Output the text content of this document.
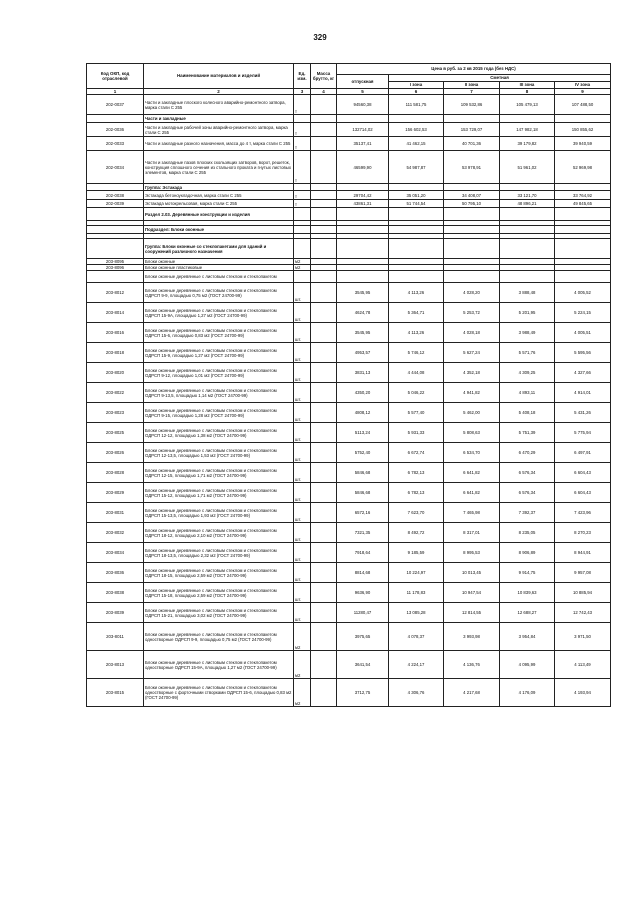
329
Код ОКП, код отраслевой	Наименование материалов и изделий	Ед. изм.	Масса брутто, кг	Цена в руб. за 2 кв 2015 года (без НДС)				
				отпускная	Сметная			
					I зона	II зона	III зона	IV зона
1	2	3	4	5	6	7	8	9
202-0037	Части и закладные плоского колесного аварийно-ремонтного затвора, марка стали С 255	т		94560,38	111 581,75	109 532,86	105 479,13	107 488,50
	Части и закладные							
202-0036	Части и закладные рабочей зоны аварийно-ремонтного затвора, марка стали С 255	т		132714,02	156 602,53	153 729,07	147 982,18	150 855,62
202-0033	Части и закладные разного назначения, масса до 4 т, марка стали С 255	т		35137,41	41 462,15	40 701,36	39 179,82	39 940,59
202-0034	Части и закладные пазов плоских скользящих затворов, ворот, решеток, конструкция сплошного сечения из стального проката и гнутых листовых элементов, марка стали С 255	т		46599,90	54 987,87	53 978,91	51 961,02	52 969,98
	Группа: Эстакада							
202-0038	Эстакада бетоноукладочная, марка стали С 255	т		29704,42	35 051,20	34 408,07	33 121,70	33 764,92
202-0039	Эстакада мотокрельсовая, марка стали С 255	т		43861,31	51 744,54	50 795,10	48 896,21	49 845,65
	Раздел 2.03. Деревянные конструкции и изделия							

	Подраздел: Блоки оконные							

	Группа: Блоки оконные со стеклопакетами для зданий и сооружений различного назначения							
203-8095	Блоки оконные	м2						
203-8096	Блоки оконные пластиковые	м2						
	Блоки оконные деревянные с листовым стеклом и стеклопакетом							
203-8012	Блоки оконные деревянные с листовым стеклом и стеклопакетом ОДРСП 9-9, площадью 0,75 м2 (ГОСТ 24700-99)	шт.		3545,95	4 113,26	4 028,20	3 888,48	4 005,52
203-8014	Блоки оконные деревянные с листовым стеклом и стеклопакетом ОДРСП 15-9А, площадью 1,27 м2 (ГОСТ 24700-99)	шт.		4624,78	5 364,71	5 253,72	5 201,95	5 224,15
203-8016	Блоки оконные деревянные с листовым стеклом и стеклопакетом ОДРСП 15-6, площадью 0,83 м2 (ГОСТ 24700-99)	шт.		3545,95	4 113,26	4 028,18	3 988,49	4 005,51
203-8018	Блоки оконные деревянные с листовым стеклом и стеклопакетом ОДРСП 15-9, площадью 1,27 м2 (ГОСТ 24700-99)	шт.		4953,57	5 746,12	5 627,24	5 571,76	5 595,56
203-8020	Блоки оконные деревянные с листовым стеклом и стеклопакетом ОДРСП 9-12, площадью 1,01 м2 (ГОСТ 24700-99)	шт.		3831,13	4 444,08	4 352,18	4 309,25	4 327,66
203-8022	Блоки оконные деревянные с листовым стеклом и стеклопакетом ОДРСП 9-13,5, площадью 1,14 м2 (ГОСТ 24700-99)	шт.		4350,20	5 046,22	4 941,82	4 893,11	4 914,01
203-8023	Блоки оконные деревянные с листовым стеклом и стеклопакетом ОДРСП 9-15, площадью 1,28 м2 (ГОСТ 24700-99)	шт.		4808,12	5 577,40	5 462,00	5 408,18	5 431,26
203-8025	Блоки оконные деревянные с листовым стеклом и стеклопакетом ОДРСП 12-12, площадью 1,38 м2 (ГОСТ 24700-99)	шт.		5113,24	5 931,33	5 808,63	5 751,39	5 775,94
203-8026	Блоки оконные деревянные с листовым стеклом и стеклопакетом ОДРСП 12-13,5, площадью 1,53 м2 (ГОСТ 24700-99)	шт.		5752,40	6 672,74	6 534,70	6 470,29	6 497,91
203-8028	Блоки оконные деревянные с листовым стеклом и стеклопакетом ОДРСП 12-15, площадью 1,71 м2 (ГОСТ 24700-99)	шт.		5846,68	6 782,13	6 641,82	6 576,34	6 604,43
203-8029	Блоки оконные деревянные с листовым стеклом и стеклопакетом ОДРСП 15-12, площадью 1,71 м2 (ГОСТ 24700-99)	шт.		5846,68	6 782,13	6 641,82	6 576,34	6 604,43
203-8031	Блоки оконные деревянные с листовым стеклом и стеклопакетом ОДРСП 15-13,5, площадью 1,93 м2 (ГОСТ 24700-99)	шт.		6572,16	7 623,70	7 465,98	7 392,37	7 423,96
203-8032	Блоки оконные деревянные с листовым стеклом и стеклопакетом ОДРСП 18-12, площадью 2,10 м2 (ГОСТ 24700-99)	шт.		7321,35	8 492,72	8 317,01	8 235,05	8 270,23
203-8034	Блоки оконные деревянные с листовым стеклом и стеклопакетом ОДРСП 18-13,5, площадью 2,32 м2 (ГОСТ 24700-99)	шт.		7918,64	9 185,59	8 995,53	8 906,89	8 944,91
203-8036	Блоки оконные деревянные с листовым стеклом и стеклопакетом ОДРСП 18-15, площадью 2,59 м2 (ГОСТ 24700-99)	шт.		8814,68	10 224,97	10 013,45	9 914,75	9 957,08
203-8038	Блоки оконные деревянные с листовым стеклом и стеклопакетом ОДРСП 15-18, площадью 2,59 м2 (ГОСТ 24700-99)	шт.		9636,90	11 178,83	10 947,54	10 839,63	10 885,94
203-8039	Блоки оконные деревянные с листовым стеклом и стеклопакетом ОДРСП 15-21, площадью 3,02 м2 (ГОСТ 24700-99)	шт.		11280,47	13 085,28	12 814,55	12 688,27	12 742,43
203-8011	Блоки оконные деревянные с листовым стеклом и стеклопакетом одностворные ОДРСП 9-9, площадью 0,75 м2 (ГОСТ 24700-99)	м2		3975,65	4 078,37	3 993,98	3 954,84	3 971,50
203-8013	Блоки оконные деревянные с листовым стеклом и стеклопакетом одностворные ОДРСП 15-9А, площадью 1,27 м2 (ГОСТ 24700-99)	м2		3641,54	4 224,17	4 136,76	4 095,99	4 113,49
203-8015	Блоки оконные деревянные с листовым стеклом и стеклопакетом одностворные с форточными створками ОДРСП 15-6, площадью 0,83 м2 (ГОСТ 24700-99)	м2		3712,75	4 306,76	4 217,68	4 176,09	4 193,94
